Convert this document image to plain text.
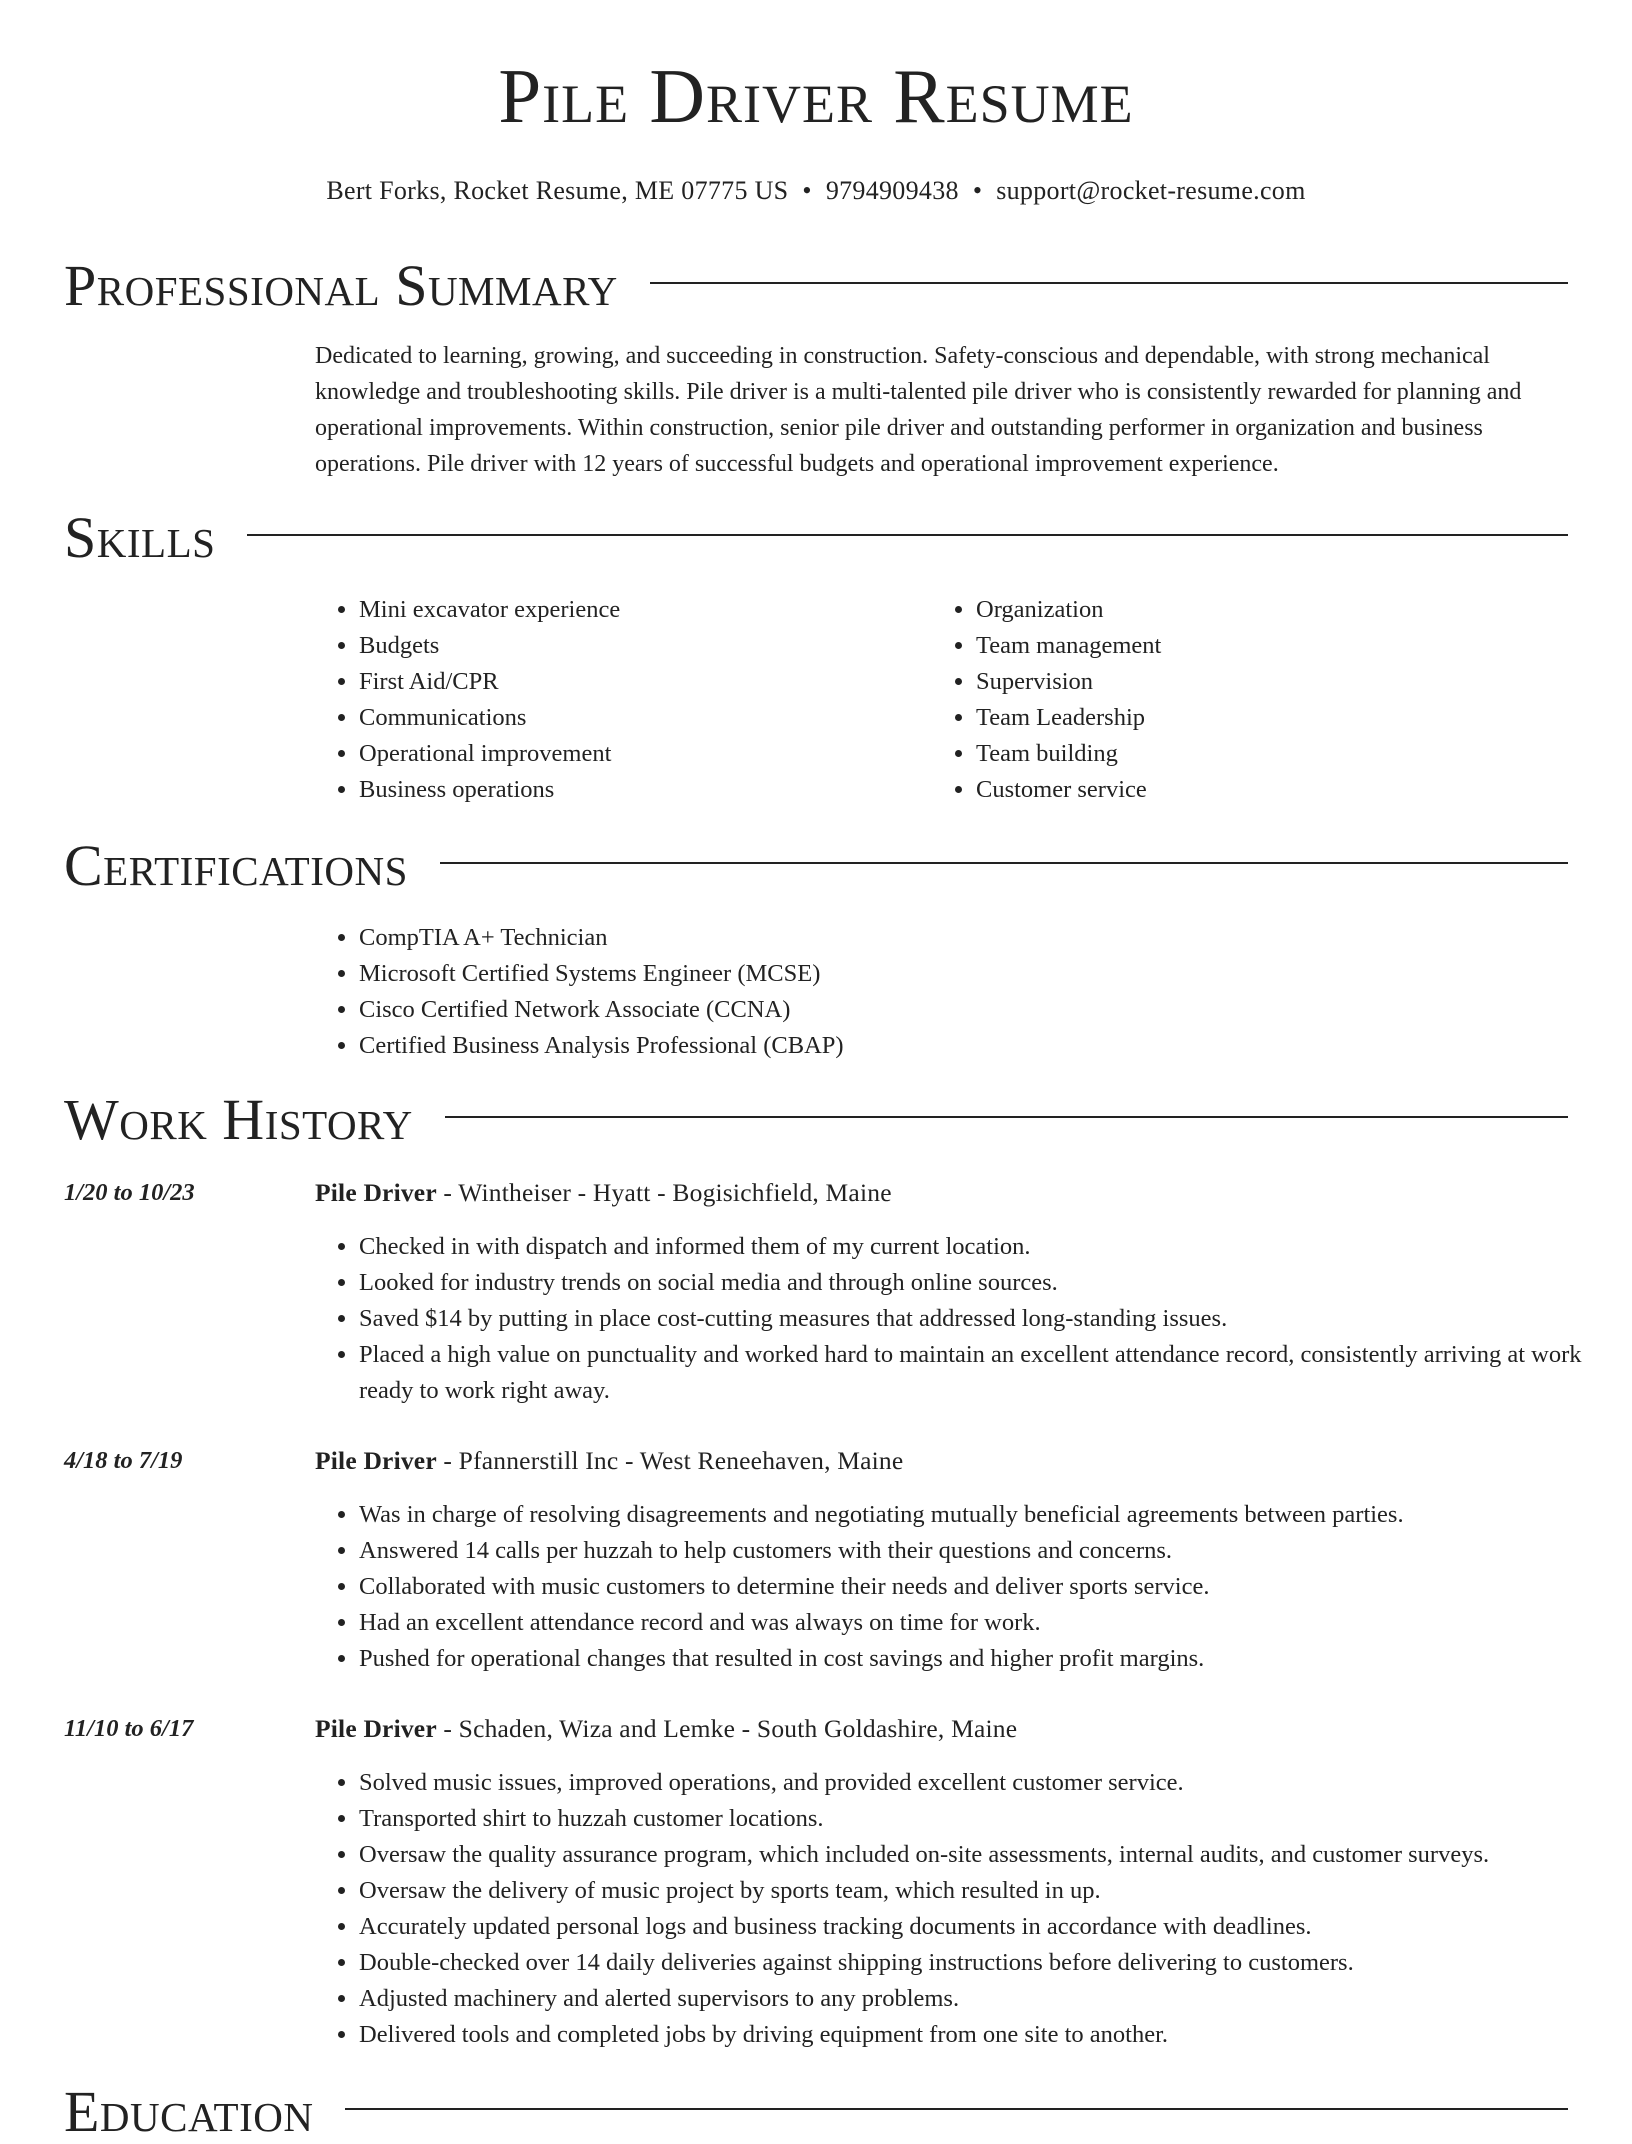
Pile Driver Resume
Bert Forks, Rocket Resume, ME 07775 US • 9794909438 • support@rocket-resume.com
Professional Summary

Dedicated to learning, growing, and succeeding in construction. Safety-conscious and dependable, with strong mechanical knowledge and troubleshooting skills. Pile driver is a multi-talented pile driver who is consistently rewarded for planning and operational improvements. Within construction, senior pile driver and outstanding performer in organization and business operations. Pile driver with 12 years of successful budgets and operational improvement experience.

Skills
• Mini excavator experience
• Budgets
• First Aid/CPR
• Communications
• Operational improvement
• Business operations
• Organization
• Team management
• Supervision
• Team Leadership
• Team building
• Customer service
Certifications
• CompTIA A+ Technician
• Microsoft Certified Systems Engineer (MCSE)
• Cisco Certified Network Associate (CCNA)
• Certified Business Analysis Professional (CBAP)
Work History
1/20 to 10/23	Pile Driver - Wintheiser - Hyatt - Bogisichfield, Maine
• Checked in with dispatch and informed them of my current location.
• Looked for industry trends on social media and through online sources.
• Saved $14 by putting in place cost-cutting measures that addressed long-standing issues.
• Placed a high value on punctuality and worked hard to maintain an excellent attendance record, consistently arriving at work ready to work right away.
4/18 to 7/19	Pile Driver - Pfannerstill Inc - West Reneehaven, Maine
• Was in charge of resolving disagreements and negotiating mutually beneficial agreements between parties.
• Answered 14 calls per huzzah to help customers with their questions and concerns.
• Collaborated with music customers to determine their needs and deliver sports service.
• Had an excellent attendance record and was always on time for work.
• Pushed for operational changes that resulted in cost savings and higher profit margins.
11/10 to 6/17	Pile Driver - Schaden, Wiza and Lemke - South Goldashire, Maine
• Solved music issues, improved operations, and provided excellent customer service.
• Transported shirt to huzzah customer locations.
• Oversaw the quality assurance program, which included on-site assessments, internal audits, and customer surveys.
• Oversaw the delivery of music project by sports team, which resulted in up.
• Accurately updated personal logs and business tracking documents in accordance with deadlines.
• Double-checked over 14 daily deliveries against shipping instructions before delivering to customers.
• Adjusted machinery and alerted supervisors to any problems.
• Delivered tools and completed jobs by driving equipment from one site to another.
Education
